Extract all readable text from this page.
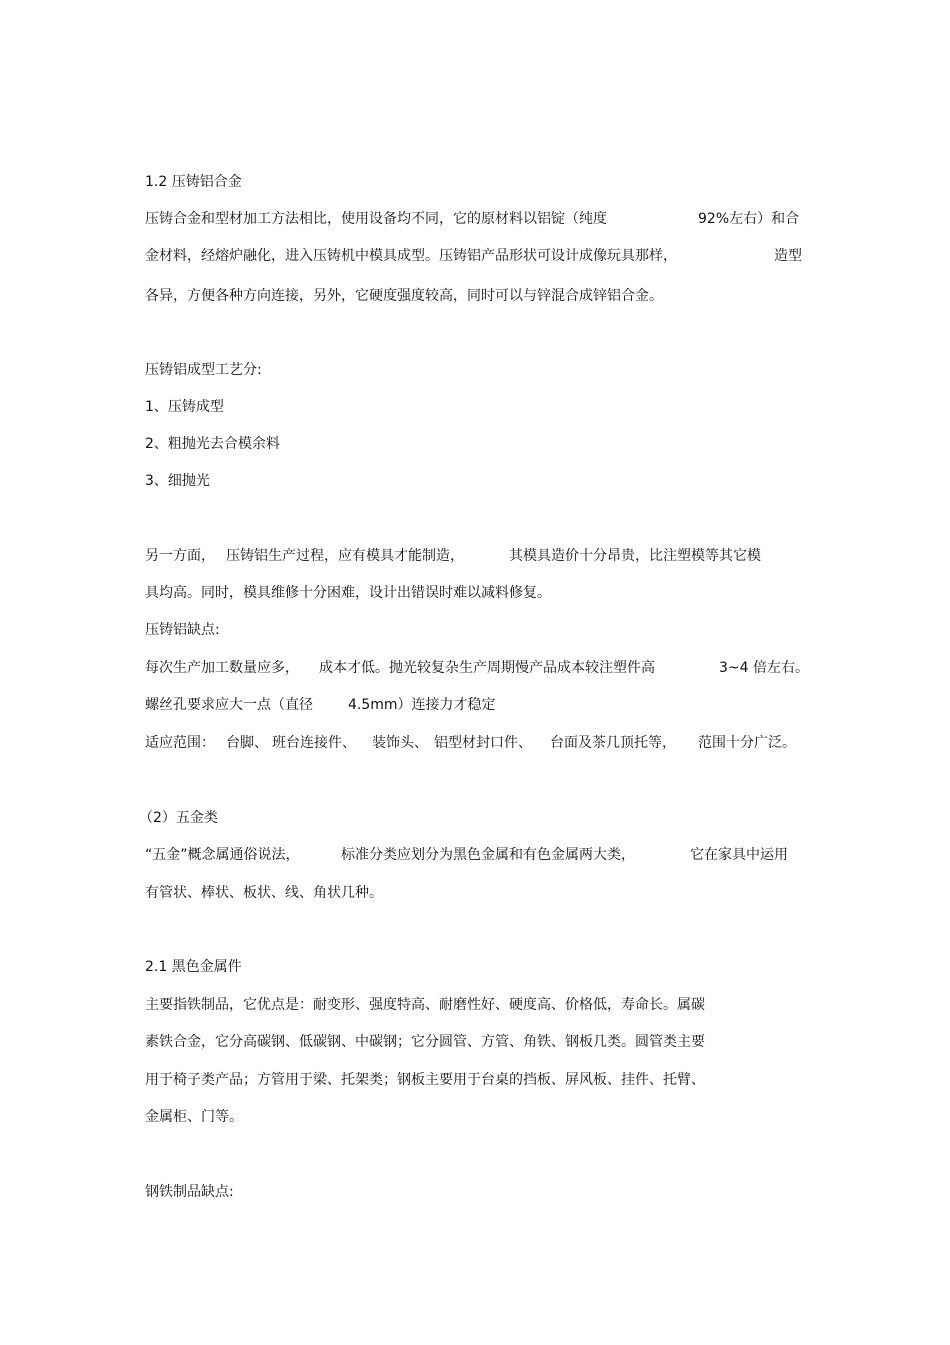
1.2 压铸铝合金
压铸合金和型材加工方法相比，使用设备均不同，它的原材料以铝锭（纯度	92%左右）和合
金材料，经熔炉融化，进入压铸机中模具成型。压铸铝产品形状可设计成像玩具那样，	造型
各异，方便各种方向连接，另外，它硬度强度较高，同时可以与锌混合成锌铝合金。
压铸铝成型工艺分:
1、压铸成型
2、粗抛光去合模余料
3、细抛光
另一方面， 压铸铝生产过程，应有模具才能制造，	其模具造价十分昂贵，比注塑模等其它模
具均高。同时，模具维修十分困难，设计出错误时难以减料修复。
压铸铝缺点:
每次生产加工数量应多， 成本才低。抛光较复杂生产周期慢产品成本较注塑件高	3~4 倍左右。
螺丝孔要求应大一点（直径	4.5mm）连接力才稳定
适应范围： 台脚、 班台连接件、 装饰头、 铝型材封口件、 台面及茶几顶托等， 范围十分广泛。
（2）五金类
“五金”概念属通俗说法，	标准分类应划分为黑色金属和有色金属两大类，	它在家具中运用
有管状、棒状、板状、线、角状几种。
2.1 黑色金属件
主要指铁制品，它优点是：耐变形、强度特高、耐磨性好、硬度高、价格低，寿命长。属碳
素铁合金，它分高碳钢、低碳钢、中碳钢；它分圆管、方管、角铁、钢板几类。圆管类主要
用于椅子类产品；方管用于梁、托架类；钢板主要用于台桌的挡板、屏风板、挂件、托臂、
金属柜、门等。
钢铁制品缺点:
